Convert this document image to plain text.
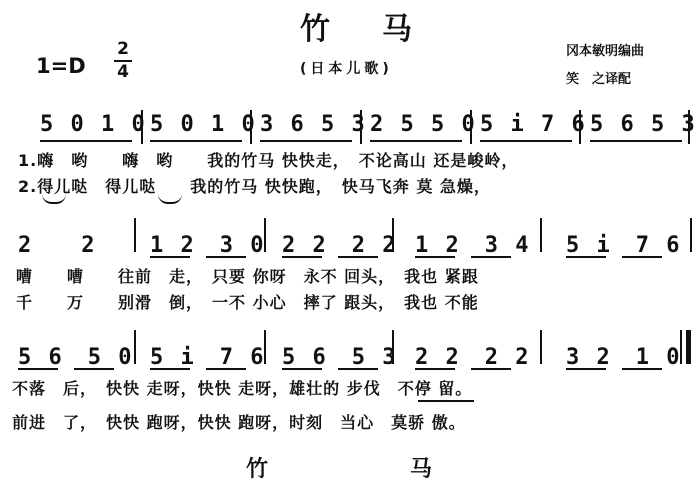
竹马
1=D
2
4	(日本儿歌)
冈本敏明编曲
笑　之译配
5 0 1 0 5 0 1 0 3 6 5 3 2 5 5 0 5 i 7 6 5 6 5 3
1.嗨　哟　　嗨　哟　　我的竹马 快快走，　不论高山 还是峻岭，
2.得儿哒　得儿哒　　我的竹马 快快跑，　快马飞奔 莫 急燥，
2　　2 1 2　3 0 2 2　2 2 1 2　3 4 5 i　7 6
嘈　　嘈　　往前　走，　只要 你呀　永不 回头，　我也 紧跟
千　　万　　别滑　倒，　一不 小心　摔了 跟头，　我也 不能
5 6　5 0 5 i　7 6 5 6　5 3 2 2　2 2 3 2　1 0
不落　后，　快快 走呀，快快 走呀，雄壮的 步伐　不停 留。
前进　了，　快快 跑呀，快快 跑呀，时刻　当心　莫骄 傲。
竹　马
